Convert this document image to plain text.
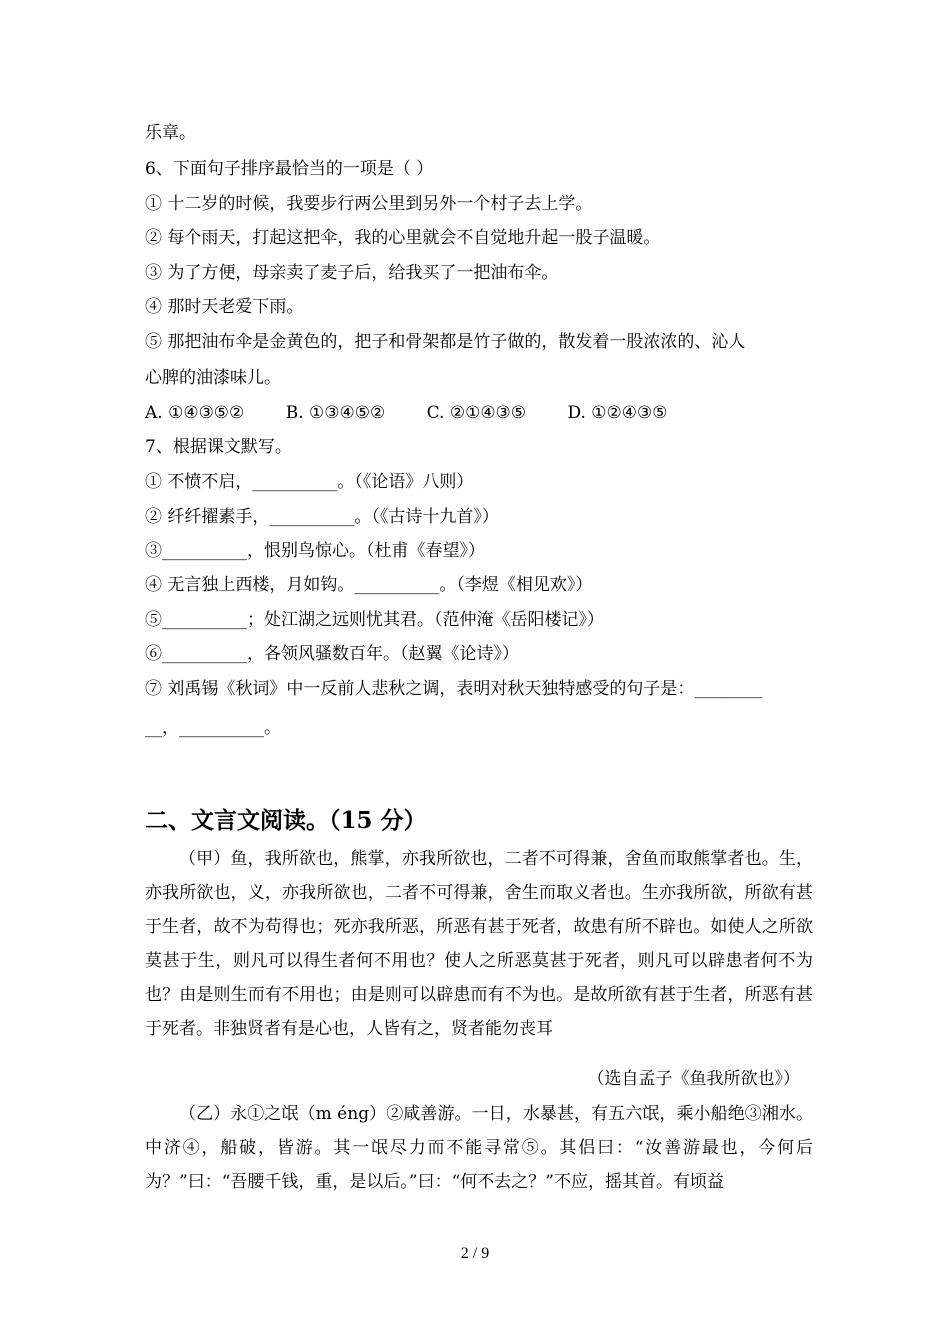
乐章。
6、下面句子排序最恰当的一项是（ ）
① 十二岁的时候，我要步行两公里到另外一个村子去上学。
② 每个雨天，打起这把伞，我的心里就会不自觉地升起一股子温暖。
③ 为了方便，母亲卖了麦子后，给我买了一把油布伞。
④ 那时天老爱下雨。
⑤ 那把油布伞是金黄色的，把子和骨架都是竹子做的，散发着一股浓浓的、沁人
心脾的油漆味儿。
A. ①④③⑤② B. ①③④⑤② C. ②①④③⑤ D. ①②④③⑤
7、根据课文默写。
① 不愤不启，__________。（《论语》八则）
② 纤纤擢素手，__________。（《古诗十九首》）
③__________，恨别鸟惊心。（杜甫《春望》）
④ 无言独上西楼，月如钩。__________。（李煜《相见欢》）
⑤__________；处江湖之远则忧其君。（范仲淹《岳阳楼记》）
⑥__________，各领风骚数百年。（赵翼《论诗》）
⑦ 刘禹锡《秋词》中一反前人悲秋之调，表明对秋天独特感受的句子是：________
__，__________。
二、文言文阅读。（15 分）
（甲）鱼，我所欲也，熊掌，亦我所欲也，二者不可得兼，舍鱼而取熊掌者也。生，亦我所欲也，义，亦我所欲也，二者不可得兼，舍生而取义者也。生亦我所欲，所欲有甚于生者，故不为苟得也；死亦我所恶，所恶有甚于死者，故患有所不辟也。如使人之所欲莫甚于生，则凡可以得生者何不用也？使人之所恶莫甚于死者，则凡可以辟患者何不为也？由是则生而有不用也；由是则可以辟患而有不为也。是故所欲有甚于生者，所恶有甚于死者。非独贤者有是心也，人皆有之，贤者能勿丧耳
（选自孟子《鱼我所欲也》）
（乙）永①之氓（m éng）②咸善游。一日，水暴甚，有五六氓，乘小船绝③湘水。中济④，船破，皆游。其一氓尽力而不能寻常⑤。其侣曰：“汝善游最也，今何后为？”曰：“吾腰千钱，重，是以后。”曰：“何不去之？”不应，摇其首。有顷益
2 / 9
